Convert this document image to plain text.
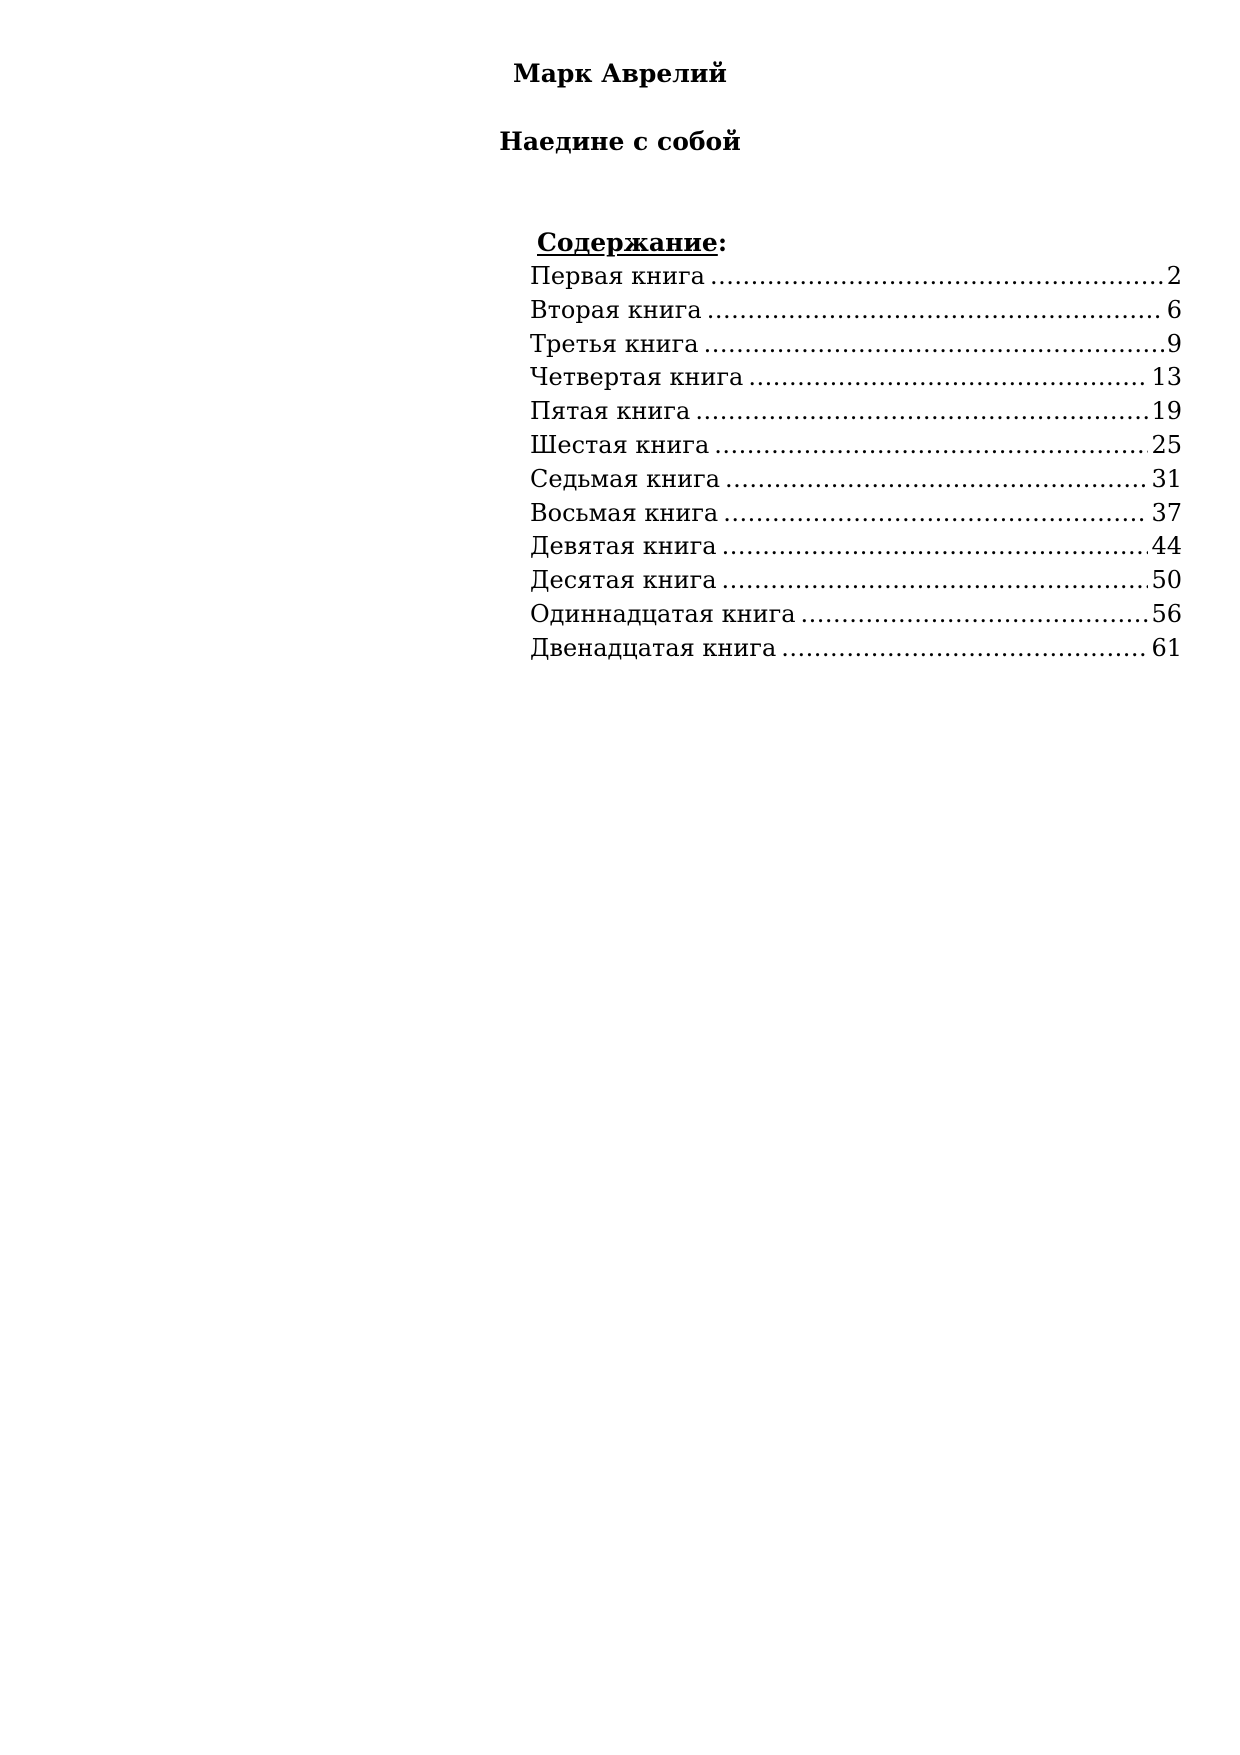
Марк Аврелий
Наедине с собой
Содержание:
Первая книга .....	2
Вторая книга .....	6
Третья книга .....	9
Четвертая книга .....	13
Пятая книга .....	19
Шестая книга .....	25
Седьмая книга .....	31
Восьмая книга .....	37
Девятая книга .....	44
Десятая книга .....	50
Одиннадцатая книга .....	56
Двенадцатая книга .....	61
